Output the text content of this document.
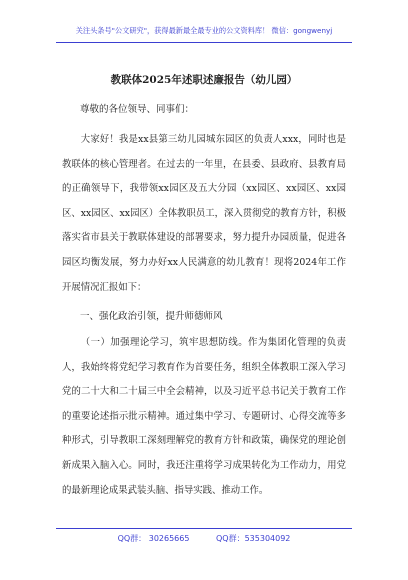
关注头条号"公文研究"，获得最新最全最专业的公文资料库！ 微信：gongwenyj
教联体2025年述职述廉报告（幼儿园）
尊敬的各位领导、同事们：

大家好！我是xx县第三幼儿园城东园区的负责人xxx，同时也是教联体的核心管理者。在过去的一年里，在县委、县政府、县教育局的正确领导下，我带领xx园区及五大分园（xx园区、xx园区、xx园区、xx园区、xx园区）全体教职员工，深入贯彻党的教育方针，积极落实省市县关于教联体建设的部署要求，努力提升办园质量，促进各园区均衡发展，努力办好xx人民满意的幼儿教育！现将2024年工作开展情况汇报如下：

一、强化政治引领，提升师德师风

（一）加强理论学习，筑牢思想防线。作为集团化管理的负责人，我始终将党纪学习教育作为首要任务，组织全体教职工深入学习党的二十大和二十届三中全会精神，以及习近平总书记关于教育工作的重要论述指示批示精神。通过集中学习、专题研讨、心得交流等多种形式，引导教职工深刻理解党的教育方针和政策，确保党的理论创新成果入脑入心。同时，我还注重将学习成果转化为工作动力，用党的最新理论成果武装头脑、指导实践、推动工作。

QQ群： 30265665	QQ群：535304092
